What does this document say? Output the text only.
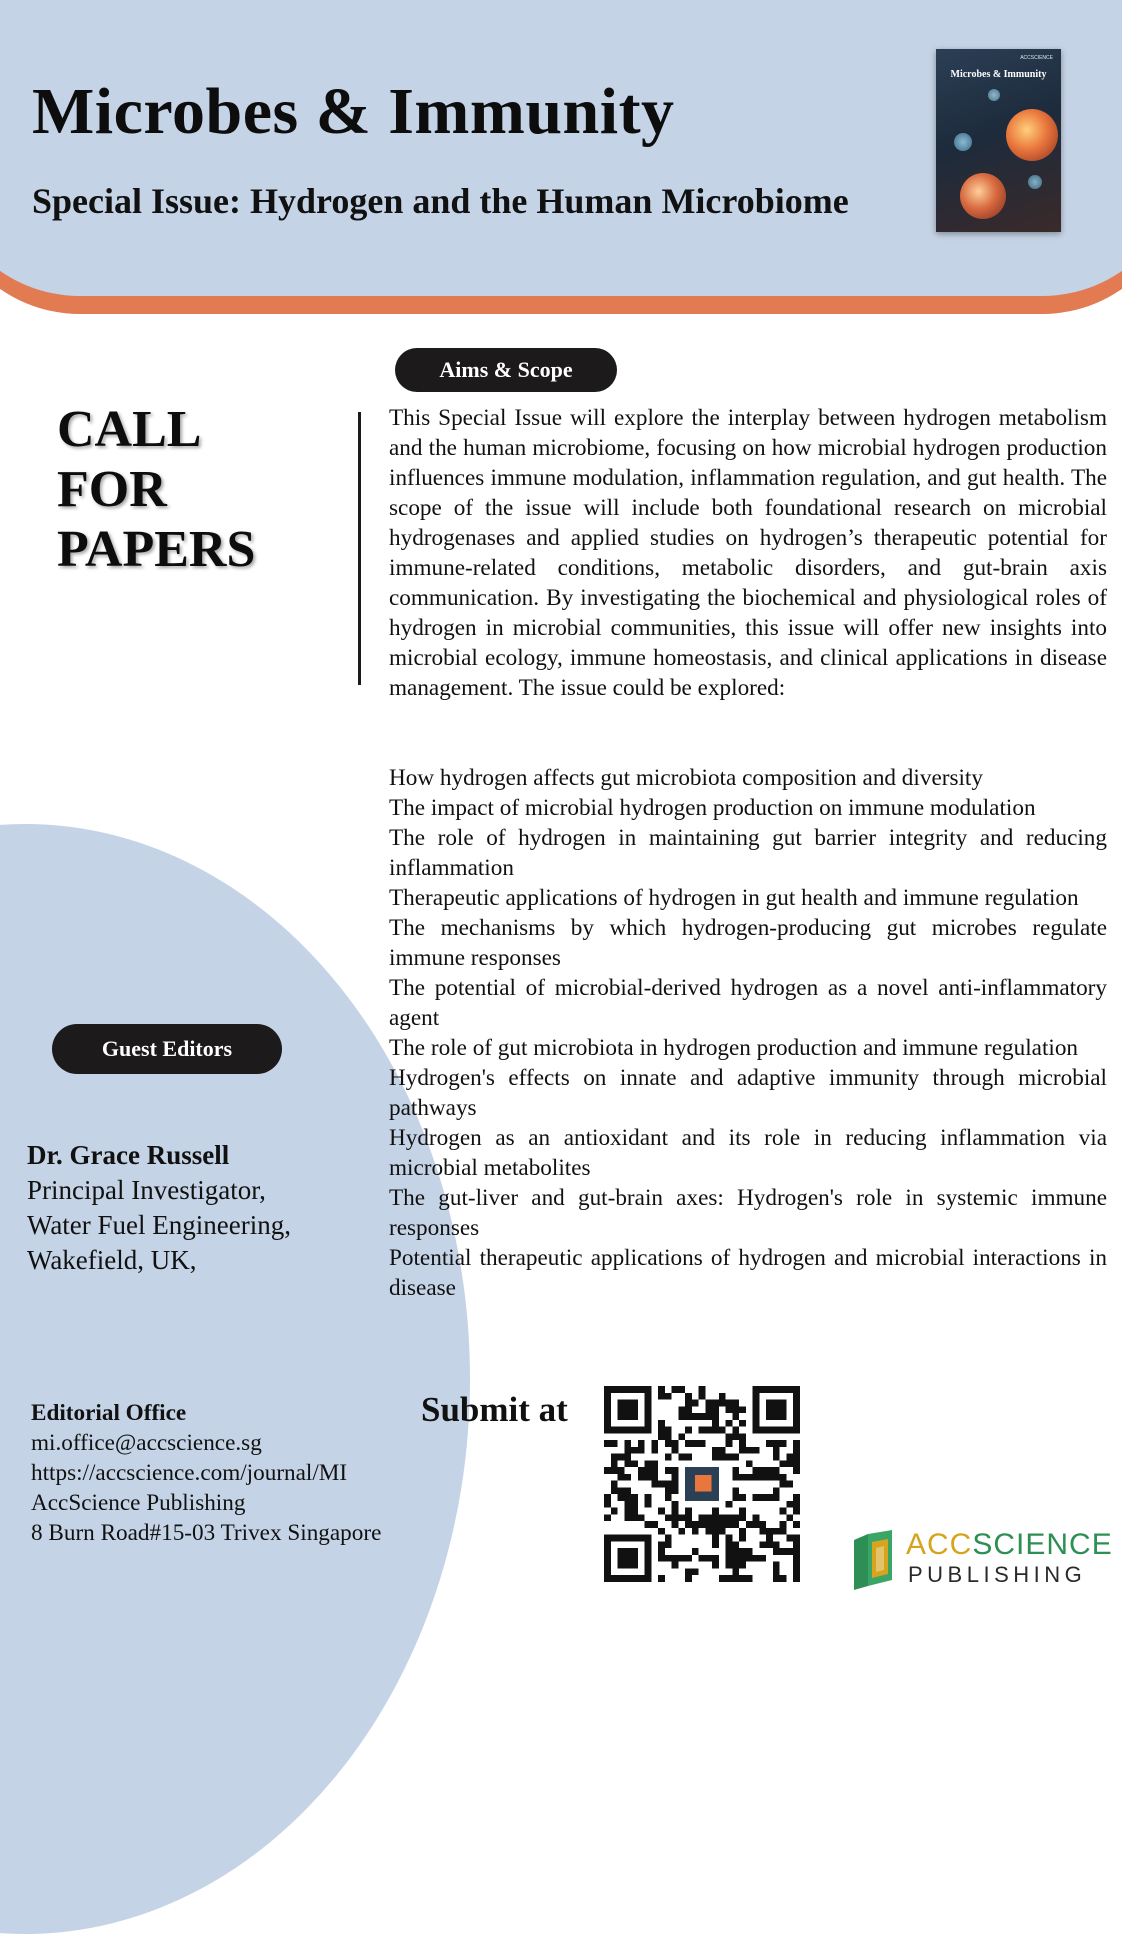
Microbes & Immunity
Special Issue: Hydrogen and the Human Microbiome
ACCSCIENCE
Microbes & Immunity
Aims & Scope
CALL
FOR
PAPERS

This Special Issue will explore the interplay between hydrogen metabolism and the human microbiome, focusing on how microbial hydrogen production influences immune modulation, inflammation regulation, and gut health. The scope of the issue will include both foundational research on microbial hydrogenases and applied studies on hydrogen’s therapeutic potential for immune-related conditions, metabolic disorders, and gut-brain axis communication. By investigating the biochemical and physiological roles of hydrogen in microbial communities, this issue will offer new insights into microbial ecology, immune homeostasis, and clinical applications in disease management. The issue could be explored:

How hydrogen affects gut microbiota composition and diversity
The impact of microbial hydrogen production on immune modulation
The role of hydrogen in maintaining gut barrier integrity and reducing inflammation
Therapeutic applications of hydrogen in gut health and immune regulation
The mechanisms by which hydrogen-producing gut microbes regulate immune responses
The potential of microbial-derived hydrogen as a novel anti-inflammatory agent
The role of gut microbiota in hydrogen production and immune regulation
Hydrogen's effects on innate and adaptive immunity through microbial pathways
Hydrogen as an antioxidant and its role in reducing inflammation via microbial metabolites
The gut-liver and gut-brain axes: Hydrogen's role in systemic immune responses
Potential therapeutic applications of hydrogen and microbial interactions in disease
Guest Editors
Dr. Grace Russell
Principal Investigator,
Water Fuel Engineering,
Wakefield, UK,
Editorial Office
mi.office@accscience.sg
https://accscience.com/journal/MI
AccScience Publishing
8 Burn Road#15-03 Trivex Singapore
Submit at
ACCSCIENCE
PUBLISHING
